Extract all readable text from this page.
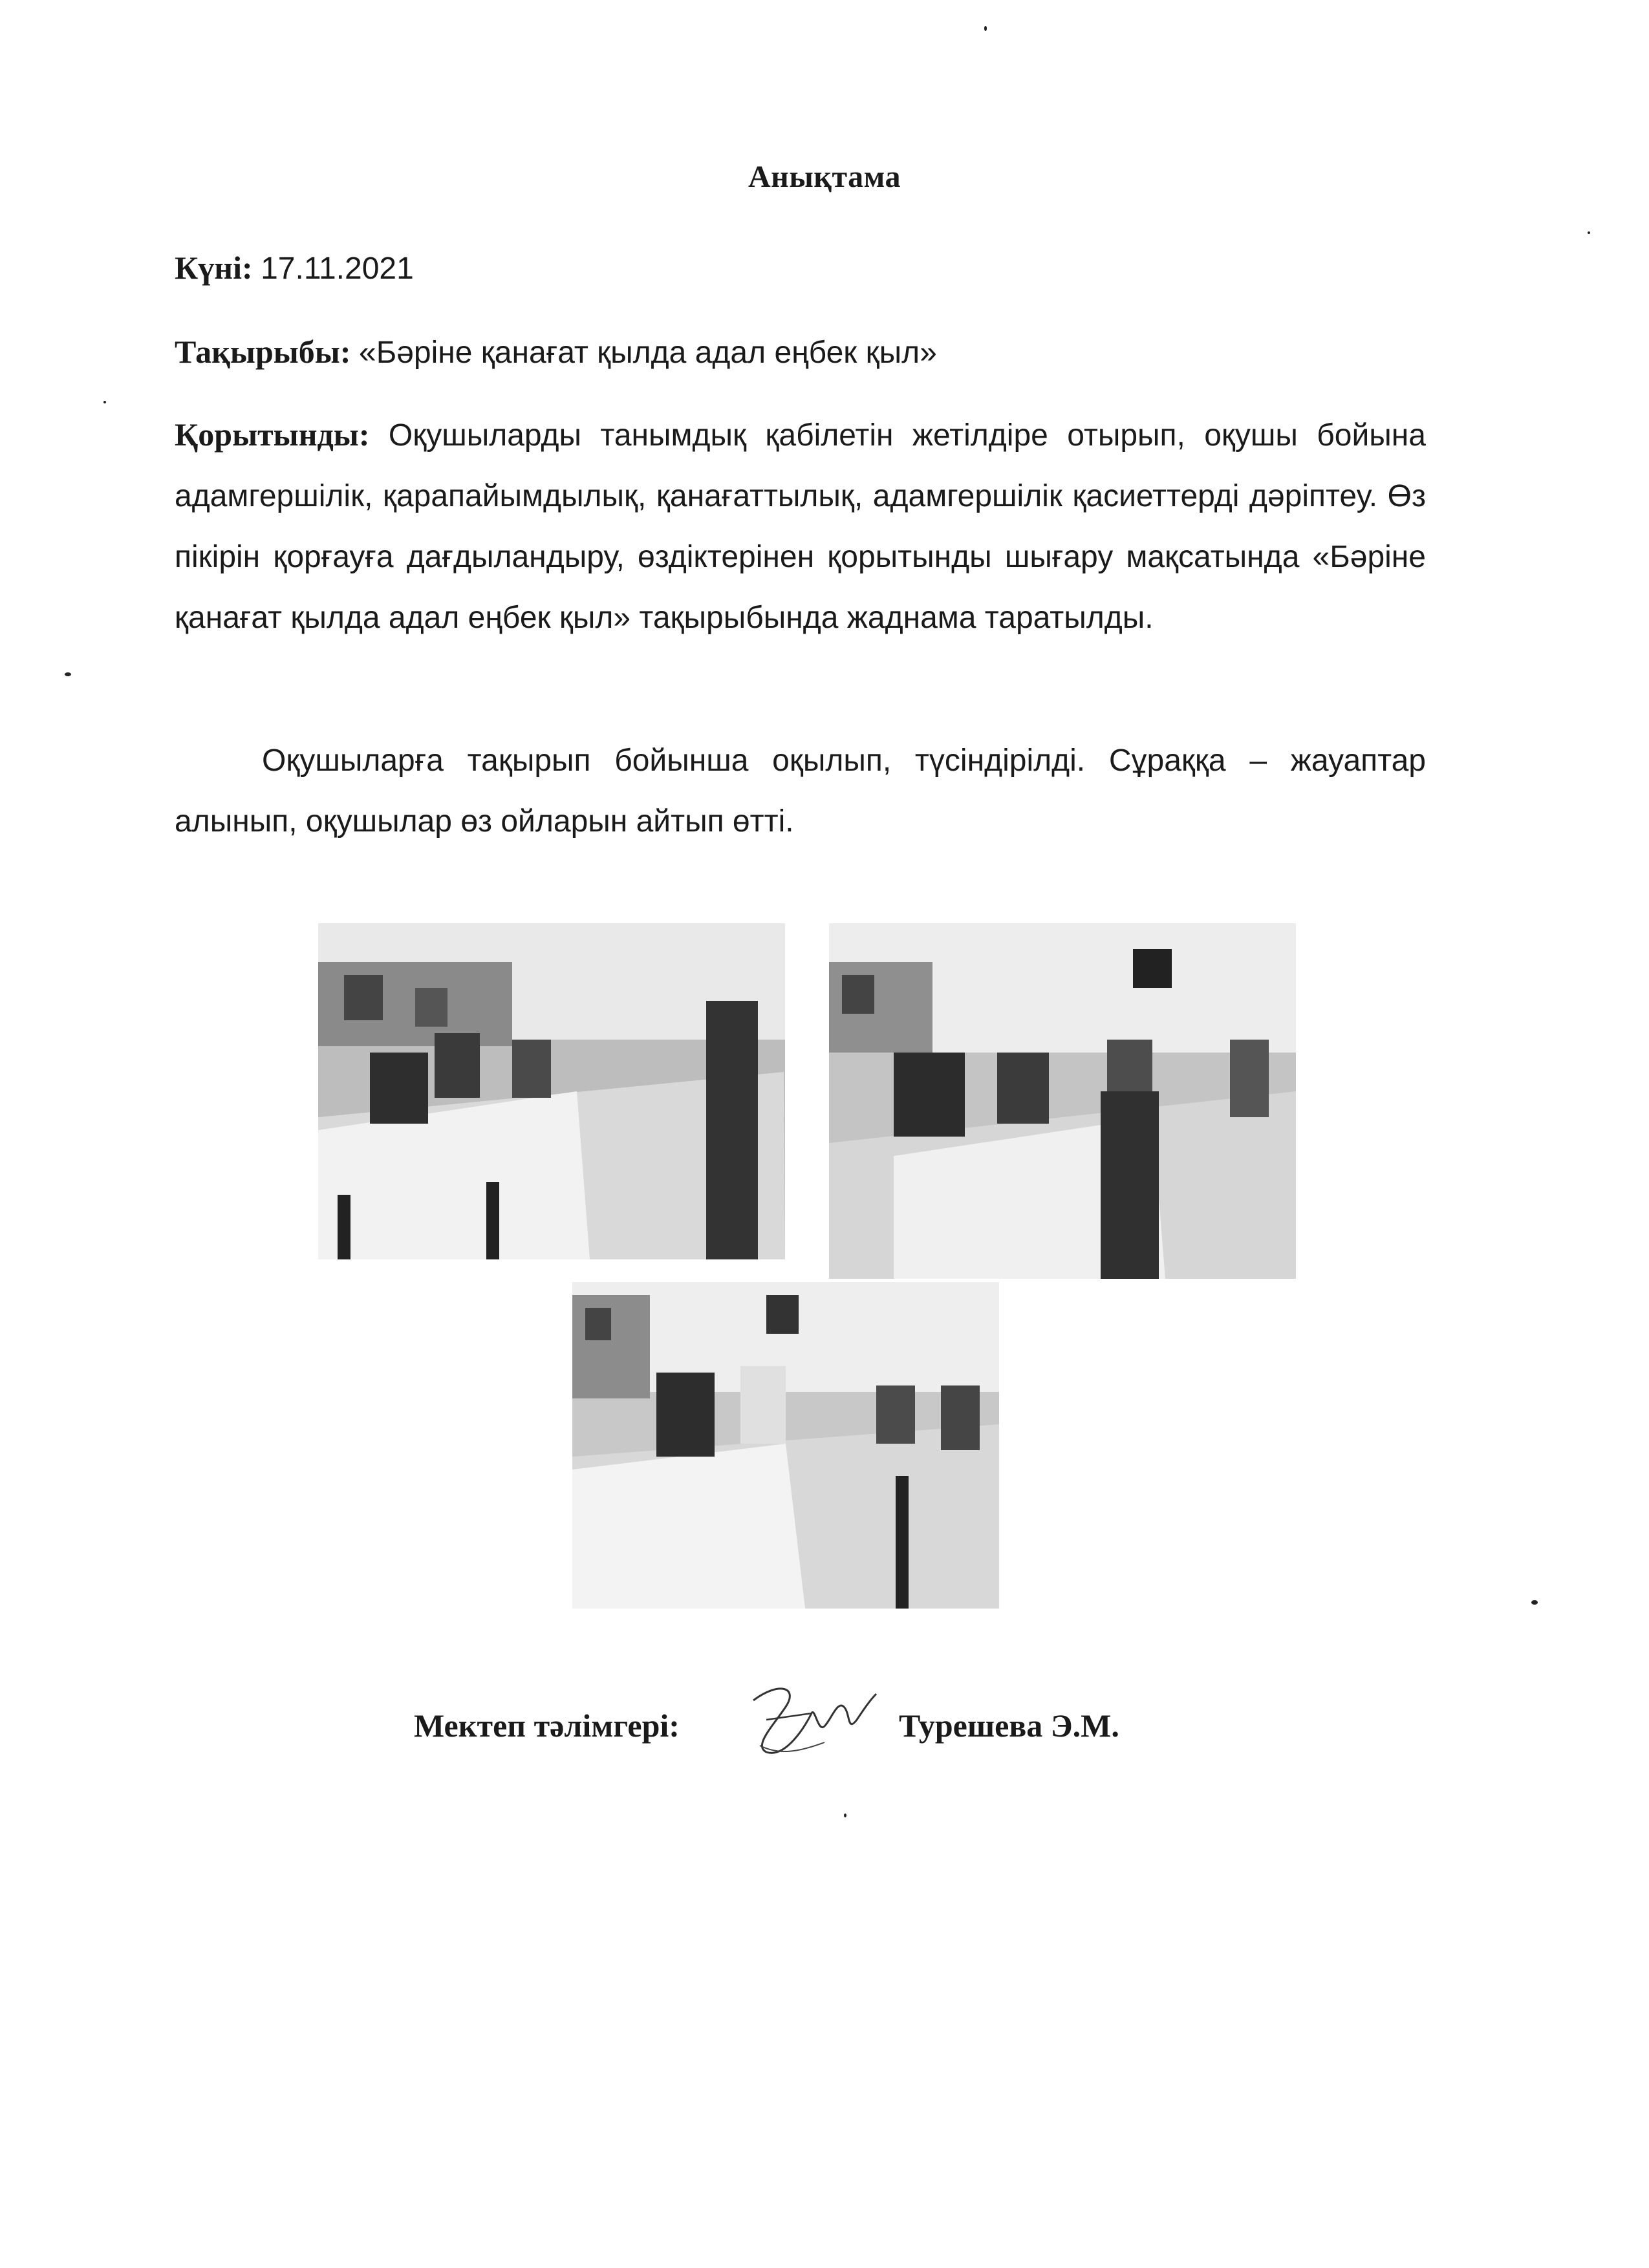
Анықтама
Күні: 17.11.2021
Тақырыбы: «Бәріне қанағат қылда адал еңбек қыл»
Қорытынды: Оқушыларды танымдық қабілетін жетілдіре отырып, оқушы бойына адамгершілік, қарапайымдылық, қанағаттылық, адамгершілік қасиеттерді дәріптеу. Өз пікірін қорғауға дағдыландыру, өздіктерінен қорытынды шығару мақсатында «Бәріне қанағат қылда адал еңбек қыл» тақырыбында жаднама таратылды.
Оқушыларға тақырып бойынша оқылып, түсіндірілді. Сұраққа – жауаптар алынып, оқушылар өз ойларын айтып өтті.
Мектеп тәлімгері:	Турешева Э.М.
